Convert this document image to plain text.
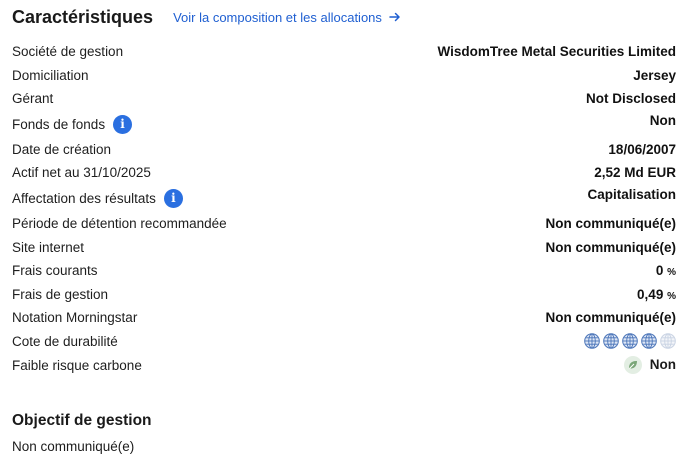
Caractéristiques Voir la composition et les allocations
Société de gestion	WisdomTree Metal Securities Limited
Domiciliation	Jersey
Gérant	Not Disclosed
Fonds de fonds	i	Non
Date de création	18/06/2007
Actif net au 31/10/2025	2,52 Md EUR
Affectation des résultats	i	Capitalisation
Période de détention recommandée	Non communiqué(e)
Site internet	Non communiqué(e)
Frais courants	0 %
Frais de gestion	0,49 %
Notation Morningstar	Non communiqué(e)
Cote de durabilité
Faible risque carbone	Non
Objectif de gestion
Non communiqué(e)
